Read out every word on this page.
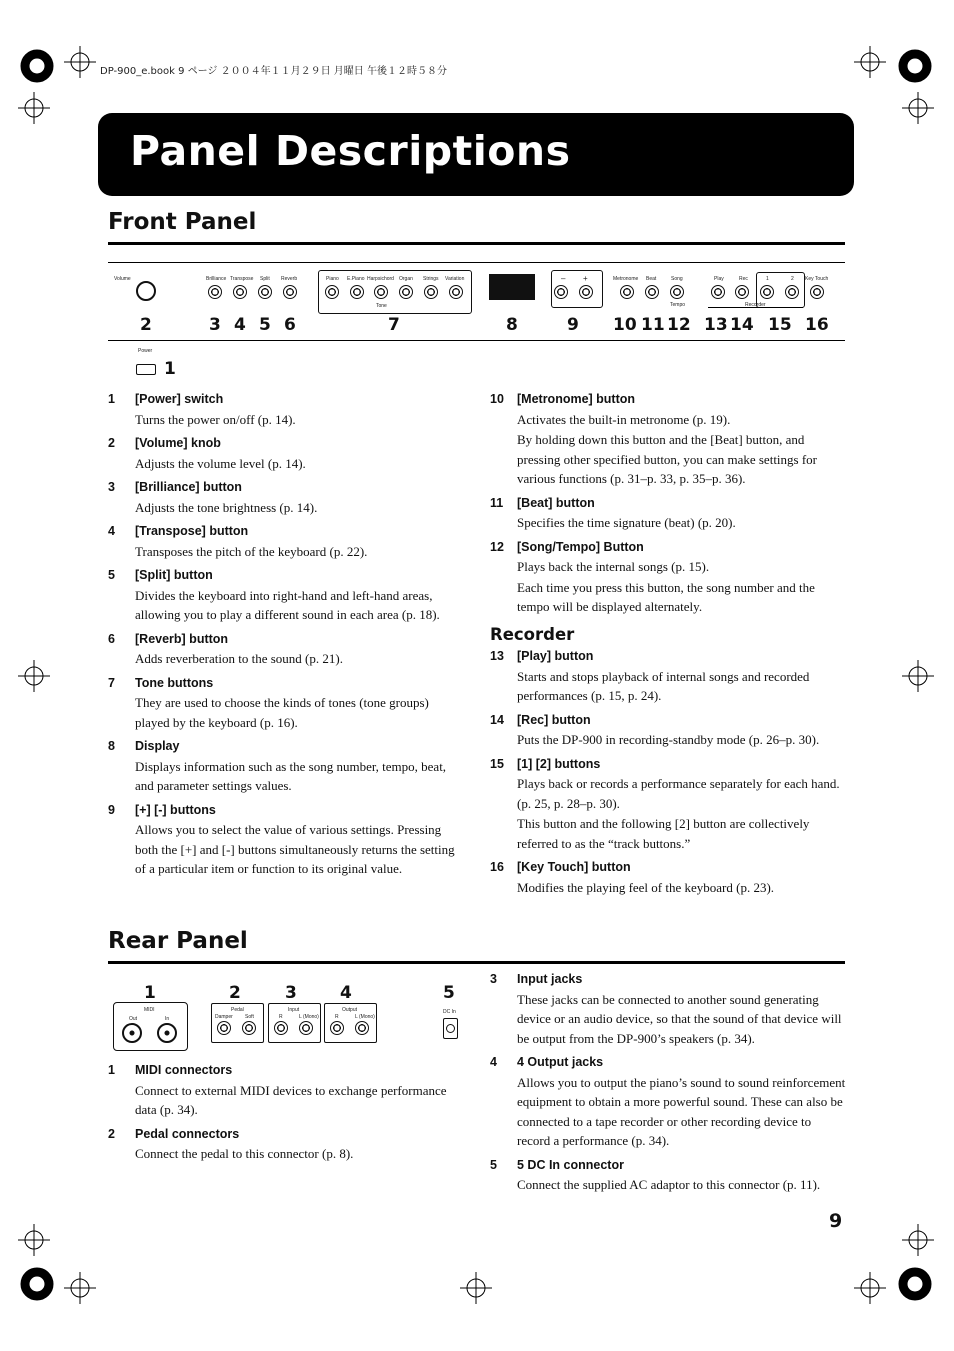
DP-900_e.book 9 ページ ２００４年１１月２９日 月曜日 午後１２時５８分
Panel Descriptions
Front Panel
Volume	Brilliance Transpose Split Reverb	Piano E.Piano Harpsichord Organ Strings Variation
Tone
– +	Metronome Beat	Song
Tempo
Play	Rec	1	2 Key Touch
Recorder
2	3 4 5 6	7	8	9 10 11 12 13 14 15 16
Power
1
1	[Power] switch

Turns the power on/off (p. 14).

2	[Volume] knob

Adjusts the volume level (p. 14).

3	[Brilliance] button

Adjusts the tone brightness (p. 14).

4	[Transpose] button

Transposes the pitch of the keyboard (p. 22).

5	[Split] button

Divides the keyboard into right-hand and left-hand areas, allowing you to play a different sound in each area (p. 18).

6	[Reverb] button

Adds reverberation to the sound (p. 21).

7	Tone buttons

They are used to choose the kinds of tones (tone groups) played by the keyboard (p. 16).

8	Display

Displays information such as the song number, tempo, beat, and parameter settings values.

9	[+] [-] buttons

Allows you to select the value of various settings. Pressing both the [+] and [-] buttons simultaneously returns the setting of a particular item or function to its original value.

10	[Metronome] button

Activates the built-in metronome (p. 19).

By holding down this button and the [Beat] button, and pressing other specified button, you can make settings for various functions (p. 31–p. 33, p. 35–p. 36).

11	[Beat] button

Specifies the time signature (beat) (p. 20).

12	[Song/Tempo] Button

Plays back the internal songs (p. 15).

Each time you press this button, the song number and the tempo will be displayed alternately.

Recorder
13	[Play] button

Starts and stops playback of internal songs and recorded performances (p. 15, p. 24).

14	[Rec] button

Puts the DP-900 in recording-standby mode (p. 26–p. 30).

15	[1] [2] buttons

Plays back or records a performance separately for each hand. (p. 25, p. 28–p. 30).

This button and the following [2] button are collectively referred to as the “track buttons.”

16	[Key Touch] button

Modifies the playing feel of the keyboard (p. 23).

Rear Panel
1	2	3	4	5
MIDI
Out	In
Pedal
Damper Soft
Input
R	L (Mono)
Output
R	L (Mono)
DC In
1	MIDI connectors

Connect to external MIDI devices to exchange performance data (p. 34).

2	Pedal connectors

Connect the pedal to this connector (p. 8).

3	Input jacks

These jacks can be connected to another sound generating device or an audio device, so that the sound of that device will be output from the DP-900’s speakers (p. 34).

4	4 Output jacks

Allows you to output the piano’s sound to sound reinforcement equipment to obtain a more powerful sound. These can also be connected to a tape recorder or other recording device to record a performance (p. 34).

5	5 DC In connector

Connect the supplied AC adaptor to this connector (p. 11).

9
